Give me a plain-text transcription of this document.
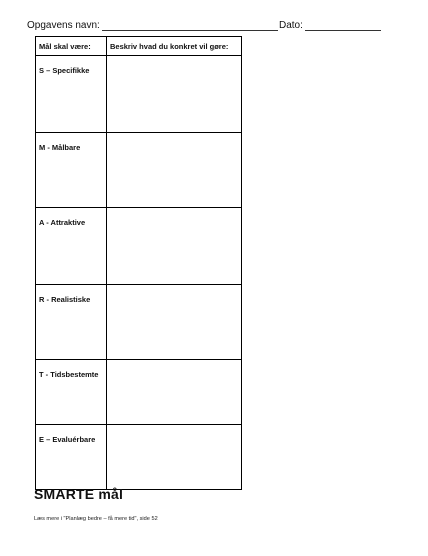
Opgavens navn:	Dato:
Mål skal være:	Beskriv hvad du konkret vil gøre:
S – Specifikke	
M - Målbare	
A - Attraktive	
R - Realistiske	
T - Tidsbestemte	
E – Evaluérbare	
SMARTE mål
Læs mere i "Planlæg bedre – få mere tid", side 52
